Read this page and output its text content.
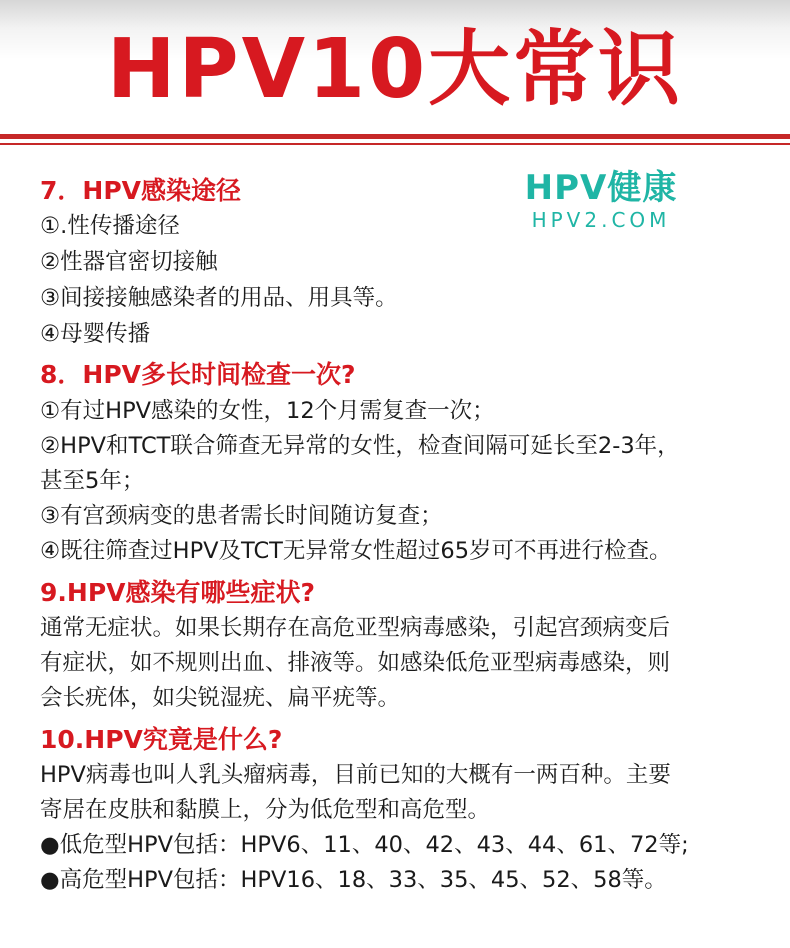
HPV10大常识
HPV健康
HPV2.COM
7．HPV感染途径
①.性传播途径
②性器官密切接触
③间接接触感染者的用品、用具等。
④母婴传播
8．HPV多长时间检查一次?
①有过HPV感染的女性，12个月需复查一次；
②HPV和TCT联合筛查无异常的女性，检查间隔可延长至2-3年，
甚至5年；
③有宫颈病变的患者需长时间随访复查；
④既往筛查过HPV及TCT无异常女性超过65岁可不再进行检查。
9.HPV感染有哪些症状?
通常无症状。如果长期存在高危亚型病毒感染，引起宫颈病变后
有症状，如不规则出血、排液等。如感染低危亚型病毒感染，则
会长疣体，如尖锐湿疣、扁平疣等。
10.HPV究竟是什么?
HPV病毒也叫人乳头瘤病毒，目前已知的大概有一两百种。主要
寄居在皮肤和黏膜上，分为低危型和高危型。
●低危型HPV包括：HPV6、11、40、42、43、44、61、72等;
●高危型HPV包括：HPV16、18、33、35、45、52、58等。
